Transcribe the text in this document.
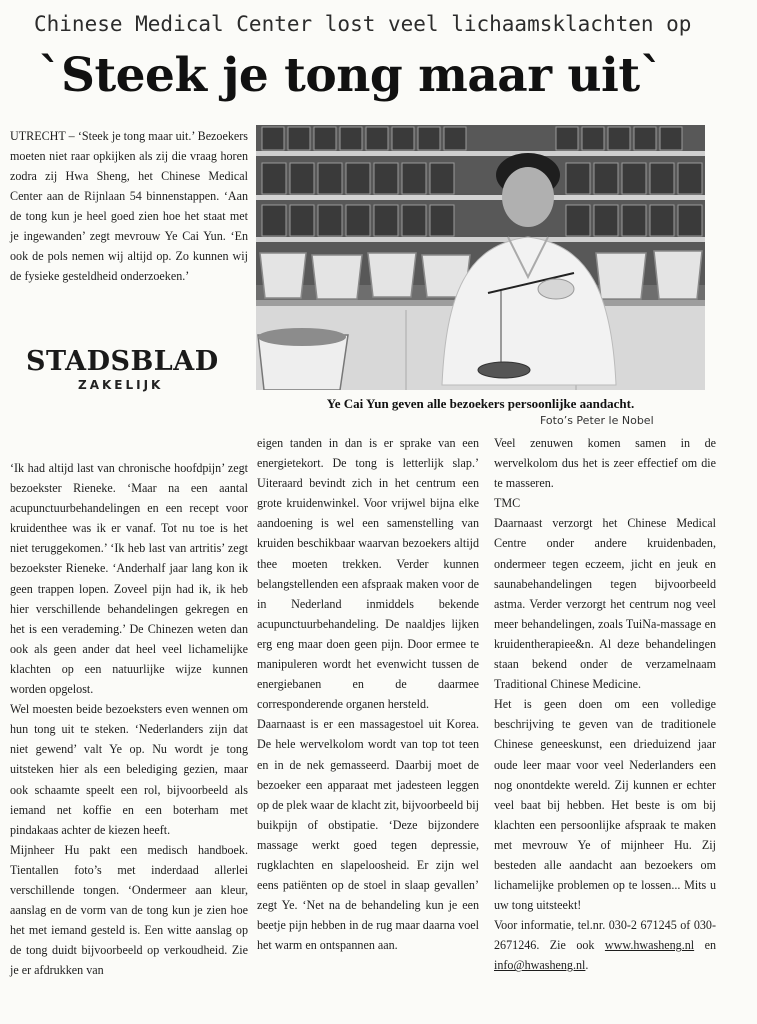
Chinese Medical Center lost veel lichaamsklachten op
`Steek je tong maar uit`

UTRECHT – ‘Steek je tong maar uit.’ Bezoekers moeten niet raar opkijken als zij die vraag horen zodra zij Hwa Sheng, het Chinese Medical Center aan de Rijnlaan 54 binnenstappen. ‘Aan de tong kun je heel goed zien hoe het staat met je ingewanden’ zegt mevrouw Ye Cai Yun. ‘En ook de pols nemen wij altijd op. Zo kunnen wij de fysieke gesteldheid onderzoeken.’

STADSBLAD
ZAKELIJK
Ye Cai Yun geven alle bezoekers persoonlijke aandacht.
Foto’s Peter le Nobel

‘Ik had altijd last van chronische hoofdpijn’ zegt bezoekster Rieneke. ‘Maar na een aantal acupunctuurbehandelingen en een recept voor kruidenthee was ik er vanaf. Tot nu toe is het niet teruggekomen.’ ‘Ik heb last van artritis’ zegt bezoekster Rieneke. ‘Anderhalf jaar lang kon ik geen trappen lopen. Zoveel pijn had ik, ik heb hier verschillende behandelingen gekregen en het is een verademing.’ De Chinezen weten dan ook als geen ander dat heel veel lichamelijke klachten op een natuurlijke wijze kunnen worden opgelost.

Wel moesten beide bezoeksters even wennen om hun tong uit te steken. ‘Nederlanders zijn dat niet gewend’ valt Ye op. Nu wordt je tong uitsteken hier als een belediging gezien, maar ook schaamte speelt een rol, bijvoorbeeld als iemand net koffie en een boterham met pindakaas achter de kiezen heeft.

Mijnheer Hu pakt een medisch handboek. Tientallen foto’s met inderdaad allerlei verschillende tongen. ‘Ondermeer aan kleur, aanslag en de vorm van de tong kun je zien hoe het met iemand gesteld is. Een witte aanslag op de tong duidt bijvoorbeeld op verkoudheid. Zie je er afdrukken van

eigen tanden in dan is er sprake van een energietekort. De tong is letterlijk slap.’ Uiteraard bevindt zich in het centrum een grote kruidenwinkel. Voor vrijwel bijna elke aandoening is wel een samenstelling van kruiden beschikbaar waarvan bezoekers altijd thee moeten trekken. Verder kunnen belangstellenden een afspraak maken voor de in Nederland inmiddels bekende acupunctuurbehandeling. De naaldjes lijken erg eng maar doen geen pijn. Door ermee te manipuleren wordt het evenwicht tussen de energiebanen en de daarmee corresponderende organen hersteld.

Daarnaast is er een massagestoel uit Korea. De hele wervelkolom wordt van top tot teen en in de nek gemasseerd. Daarbij moet de bezoeker een apparaat met jadesteen leggen op de plek waar de klacht zit, bijvoorbeeld bij buikpijn of obstipatie. ‘Deze bijzondere massage werkt goed tegen depressie, rugklachten en slapeloosheid. Er zijn wel eens patiënten op de stoel in slaap gevallen’ zegt Ye. ‘Net na de behandeling kun je een beetje pijn hebben in de rug maar daarna voel het warm en ontspannen aan.

Veel zenuwen komen samen in de wervelkolom dus het is zeer effectief om die te masseren.

TMC

Daarnaast verzorgt het Chinese Medical Centre onder andere kruidenbaden, ondermeer tegen eczeem, jicht en jeuk en saunabehandelingen tegen bijvoorbeeld astma. Verder verzorgt het centrum nog veel meer behandelingen, zoals TuiNa-massage en kruidentherapiee&n. Al deze behandelingen staan bekend onder de verzamelnaam Traditional Chinese Medicine.

Het is geen doen om een volledige beschrijving te geven van de traditionele Chinese geneeskunst, een drieduizend jaar oude leer maar voor veel Nederlanders een nog onontdekte wereld. Zij kunnen er echter veel baat bij hebben. Het beste is om bij klachten een persoonlijke afspraak te maken met mevrouw Ye of mijnheer Hu. Zij besteden alle aandacht aan bezoekers om lichamelijke problemen op te lossen... Mits u uw tong uitsteekt!

Voor informatie, tel.nr. 030-2 671245 of 030-2671246. Zie ook www.hwasheng.nl en info@hwasheng.nl.
